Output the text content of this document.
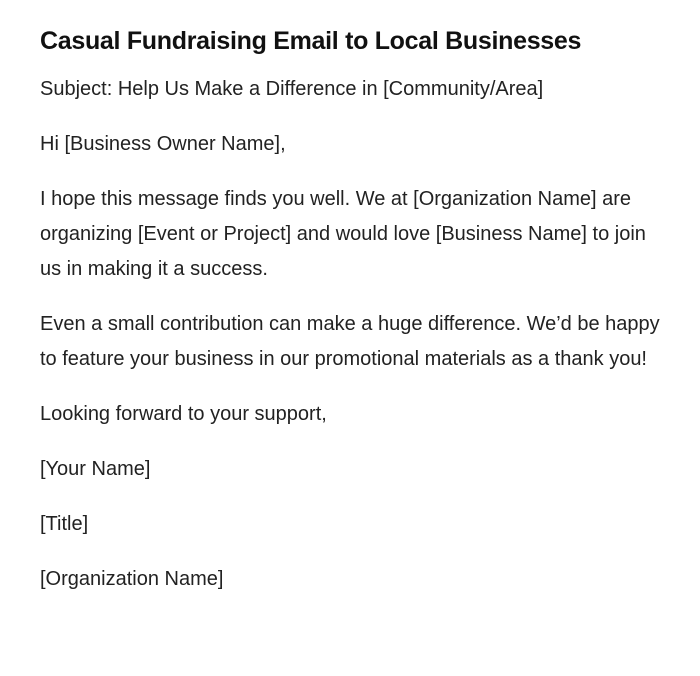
Casual Fundraising Email to Local Businesses

Subject: Help Us Make a Difference in [Community/Area]

Hi [Business Owner Name],

I hope this message finds you well. We at [Organization Name] are organizing [Event or Project] and would love [Business Name] to join us in making it a success.

Even a small contribution can make a huge difference. We’d be happy to feature your business in our promotional materials as a thank you!

Looking forward to your support,

[Your Name]

[Title]

[Organization Name]
